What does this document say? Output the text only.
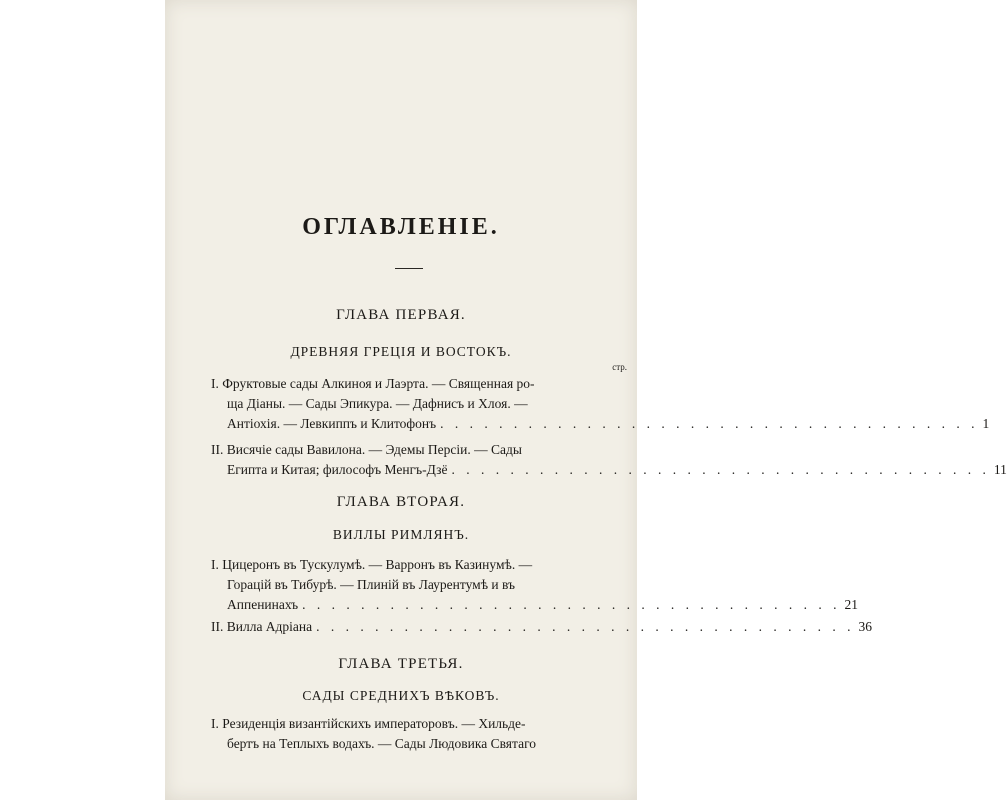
ОГЛАВЛЕНІЕ.
ГЛАВА ПЕРВАЯ.
ДРЕВНЯЯ ГРЕЦІЯ И ВОСТОКЪ.
стр.
I. Фруктовые сады Алкиноя и Лаэрта. — Священная ро-
ща Діаны. — Сады Эпикура. — Дафнисъ и Хлоя. —
Антіохія. — Левкиппъ и Клитофонъ . . . . . . . . . . . . . . . . . . . . . . . . . . . . . . . . . . . . . 1
II. Висячіе сады Вавилона. — Эдемы Персіи. — Сады
Египта и Китая; философъ Менгъ-Дзё . . . . . . . . . . . . . . . . . . . . . . . . . . . . . . . . . . . . . 11
ГЛАВА ВТОРАЯ.
ВИЛЛЫ РИМЛЯНЪ.
I. Цицеронъ въ Тускулумѣ. — Варронъ въ Казинумѣ. —
Горацій въ Тибурѣ. — Плиній въ Лаурентумѣ и въ
Аппенинахъ . . . . . . . . . . . . . . . . . . . . . . . . . . . . . . . . . . . . . 21
II. Вилла Адріана . . . . . . . . . . . . . . . . . . . . . . . . . . . . . . . . . . . . . 36
ГЛАВА ТРЕТЬЯ.
САДЫ СРЕДНИХЪ ВѢКОВЪ.
I. Резиденція византійскихъ императоровъ. — Хильде-
бертъ на Теплыхъ водахъ. — Сады Людовика Святаго
